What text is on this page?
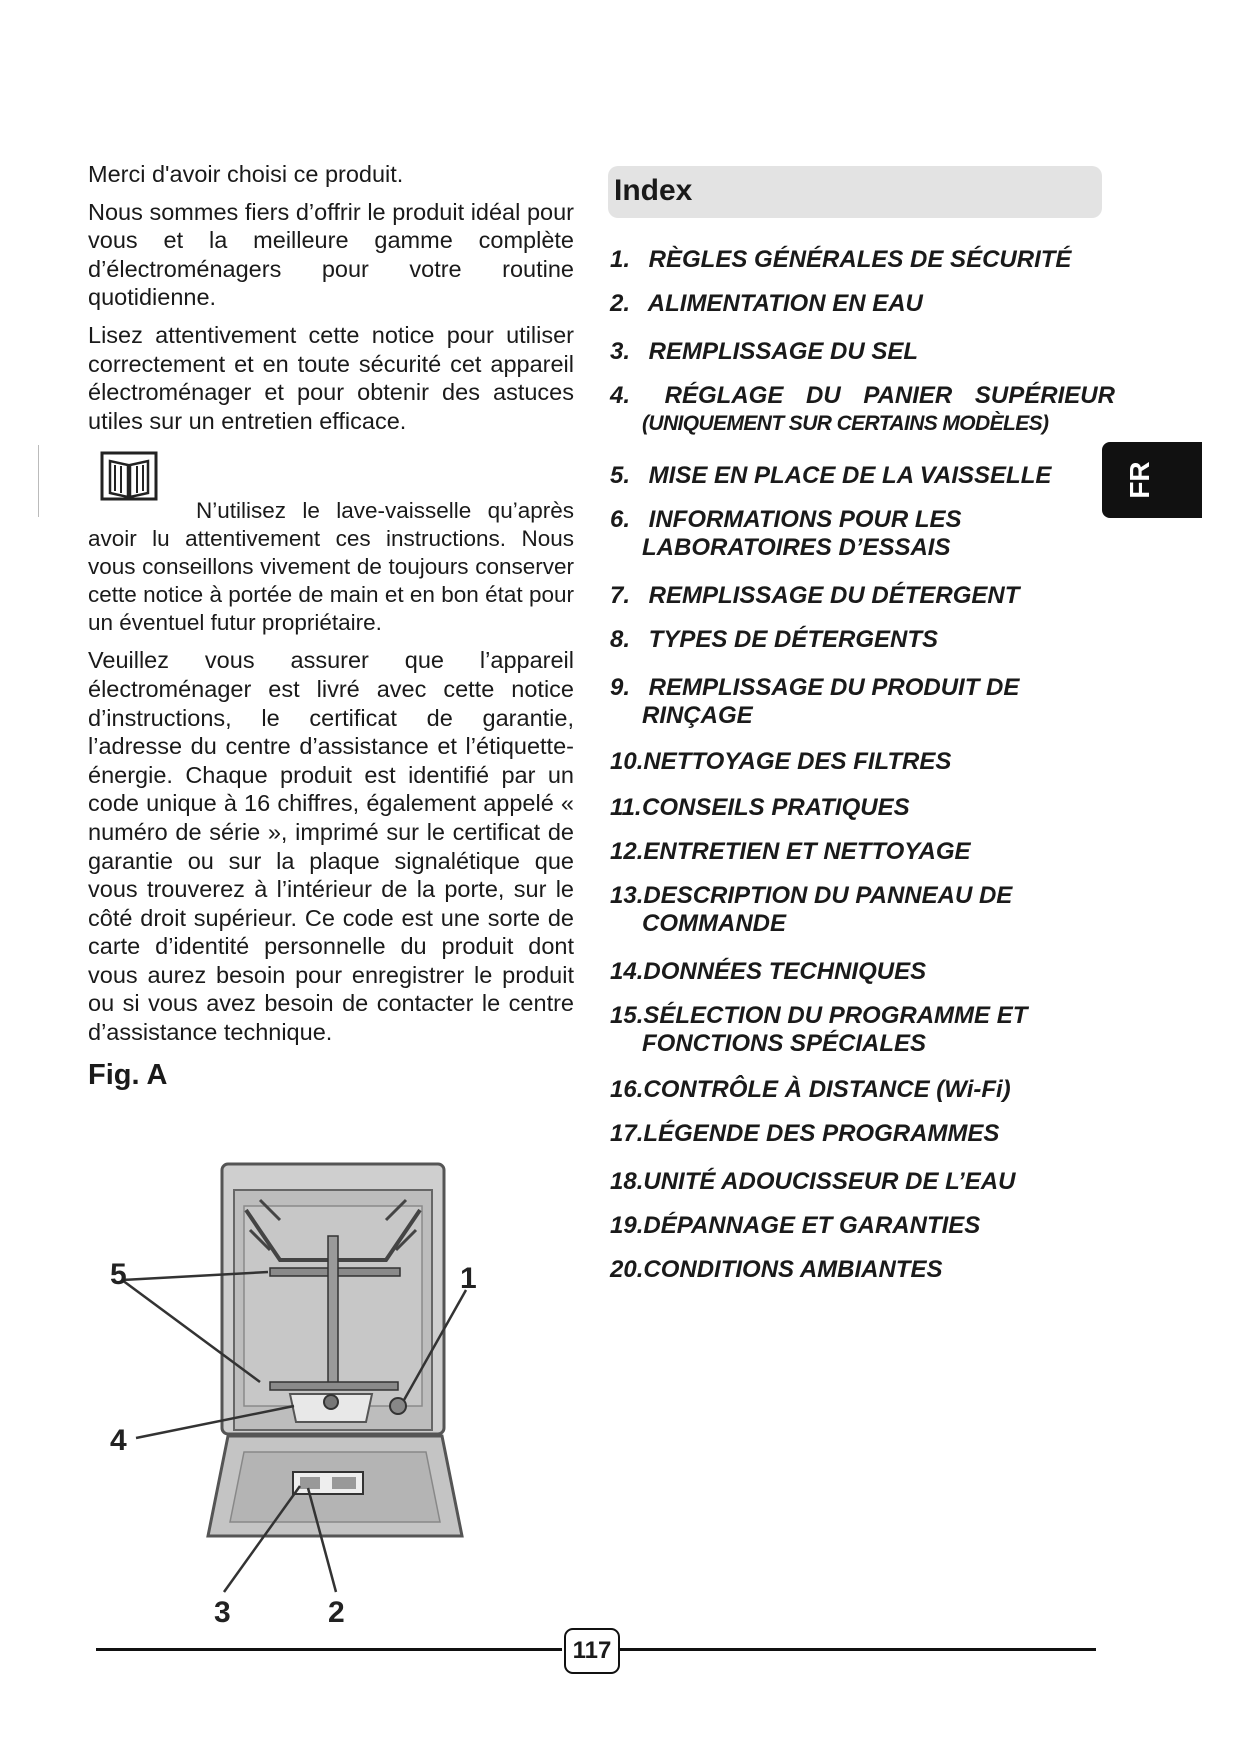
Merci d'avoir choisi ce produit.

Nous sommes fiers d’offrir le produit idéal pour vous et la meilleure gamme complète d’électroménagers pour votre routine quotidienne.

Lisez attentivement cette notice pour utiliser correctement et en toute sécurité cet appareil électroménager et pour obtenir des astuces utiles sur un entretien efficace.

N’utilisez le lave-vaisselle qu’après avoir lu attentivement ces instructions. Nous vous conseillons vivement de toujours conserver cette notice à portée de main et en bon état pour un éventuel futur propriétaire.

Veuillez vous assurer que l’appareil électroménager est livré avec cette notice d’instructions, le certificat de garantie, l’adresse du centre d’assistance et l’étiquette-énergie. Chaque produit est identifié par un code unique à 16 chiffres, également appelé « numéro de série », imprimé sur le certificat de garantie ou sur la plaque signalétique que vous trouverez à l’intérieur de la porte, sur le côté droit supérieur. Ce code est une sorte de carte d’identité personnelle du produit dont vous aurez besoin pour enregistrer le produit ou si vous avez besoin de contacter le centre d’assistance technique.

Fig. A
5	1
4
3	2
Index
1. RÈGLES GÉNÉRALES DE SÉCURITÉ
2. ALIMENTATION EN EAU
3. REMPLISSAGE DU SEL
4. RÉGLAGE DU PANIER SUPÉRIEUR
(UNIQUEMENT SUR CERTAINS MODÈLES)
5. MISE EN PLACE DE LA VAISSELLE
6. INFORMATIONS POUR LES
LABORATOIRES D’ESSAIS
7. REMPLISSAGE DU DÉTERGENT
8. TYPES DE DÉTERGENTS
9. REMPLISSAGE DU PRODUIT DE
RINÇAGE
10.NETTOYAGE DES FILTRES
11.CONSEILS PRATIQUES
12.ENTRETIEN ET NETTOYAGE
13.DESCRIPTION DU PANNEAU DE
COMMANDE
14.DONNÉES TECHNIQUES
15.SÉLECTION DU PROGRAMME ET
FONCTIONS SPÉCIALES
16.CONTRÔLE À DISTANCE (Wi-Fi)
17.LÉGENDE DES PROGRAMMES
18.UNITÉ ADOUCISSEUR DE L’EAU
19.DÉPANNAGE ET GARANTIES
20.CONDITIONS AMBIANTES
FR
117
